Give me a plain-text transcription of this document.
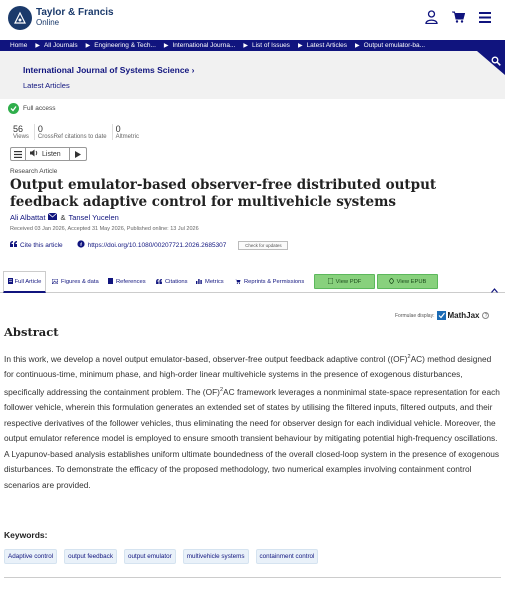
Taylor & Francis
Online
Home ▶ All Journals ▶ Engineering & Tech... ▶ International Journa... ▶ List of Issues ▶ Latest Articles ▶ Output emulator-ba...
International Journal of Systems Science ›
Latest Articles
Full access
56
Views
0
CrossRef citations to date
0
Altmetric
Listen
Research Article
Output emulator-based observer-free distributed output feedback adaptive control for multivehicle systems
Ali Albattat & Tansel Yucelen
Received 03 Jan 2026, Accepted 31 May 2026, Published online: 13 Jul 2026
Cite this article	d https://doi.org/10.1080/00207721.2026.2685307	Check for updates
Full Article	Figures & data	References	Citations	Metrics	Reprints & Permissions	View PDF	View EPUB
Formulae display: MathJax	?
Abstract

In this work, we develop a novel output emulator-based, observer-free output feedback adaptive control ((OF)$^2$AC) method designed for continuous-time, minimum phase, and high-order linear multivehicle systems in the presence of exogenous disturbances, specifically addressing the containment problem. The (OF)$^2$AC framework leverages a nonminimal state-space representation for each follower vehicle, wherein this formulation generates an extended set of states by utilising the filtered inputs, filtered outputs, and their respective derivatives of the follower vehicles, thus eliminating the need for observer design for each individual vehicle. Moreover, the output emulator reference model is employed to ensure smooth transient behaviour by mitigating potential high-frequency oscillations. A Lyapunov-based analysis establishes uniform ultimate boundedness of the overall closed-loop system in the presence of exogenous disturbances. To demonstrate the efficacy of the proposed methodology, two numerical examples involving containment control scenarios are provided.

Keywords:
Adaptive control	output feedback	output emulator	multivehicle systems	containment control
